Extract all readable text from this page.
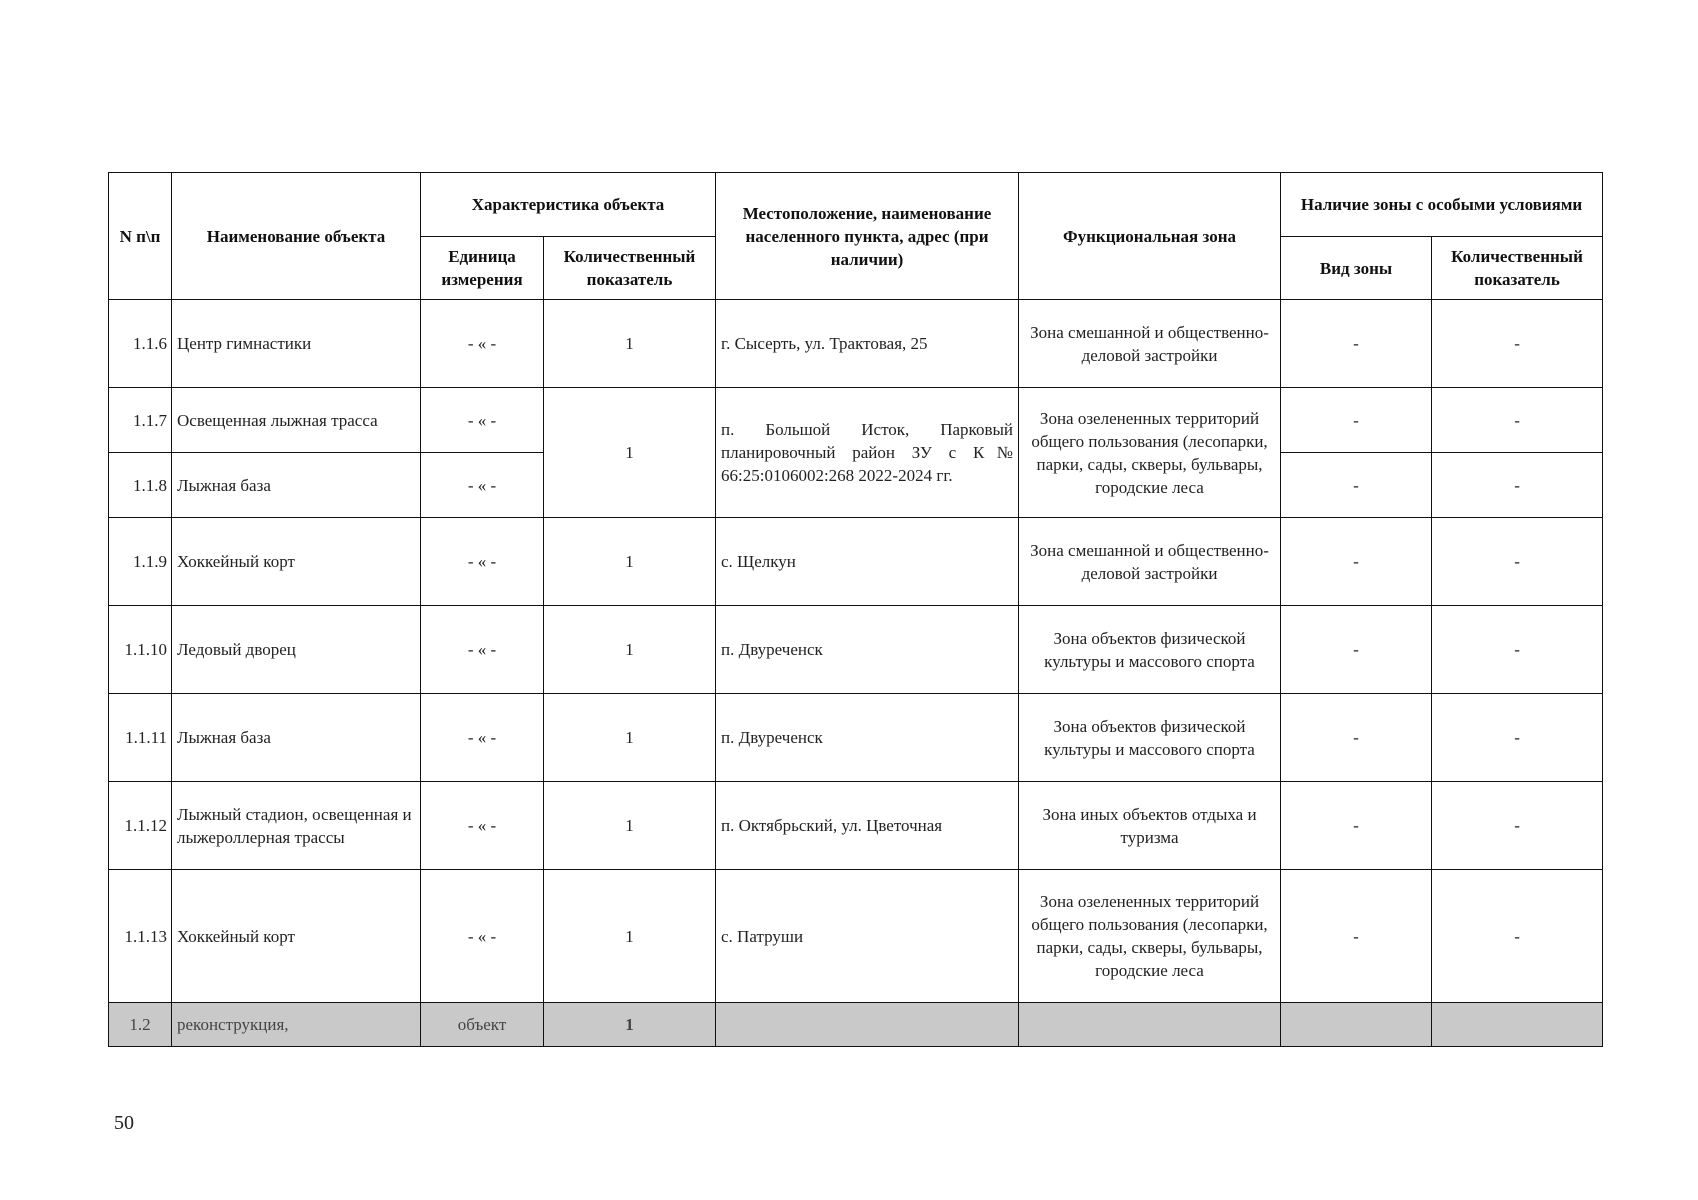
N п\п	Наименование объекта	Характеристика объекта		Местоположение, наименование населенного пункта, адрес (при наличии)	Функциональная зона	Наличие зоны с особыми условиями	
		Единица измерения	Количественный показатель			Вид зоны	Количественный показатель
1.1.6	Центр гимнастики	- « -	1	г. Сысерть, ул. Трактовая, 25	Зона смешанной и общественно-деловой застройки	-	-
1.1.7	Освещенная лыжная трасса	- « -	1	п. Большой Исток, Парковый планировочный район ЗУ с К№ 66:25:0106002:268 2022-2024 гг.	Зона озелененных территорий общего пользования (лесопарки, парки, сады, скверы, бульвары, городские леса	-	-
1.1.8	Лыжная база	- « -				-	-
1.1.9	Хоккейный корт	- « -	1	с. Щелкун	Зона смешанной и общественно-деловой застройки	-	-
1.1.10	Ледовый дворец	- « -	1	п. Двуреченск	Зона объектов физической культуры и массового спорта	-	-
1.1.11	Лыжная база	- « -	1	п. Двуреченск	Зона объектов физической культуры и массового спорта	-	-
1.1.12	Лыжный стадион, освещенная и лыжероллерная трассы	- « -	1	п. Октябрьский, ул. Цветочная	Зона иных объектов отдыха и туризма	-	-
1.1.13	Хоккейный корт	- « -	1	с. Патруши	Зона озелененных территорий общего пользования (лесопарки, парки, сады, скверы, бульвары, городские леса	-	-
1.2	реконструкция,	объект	1				
50
